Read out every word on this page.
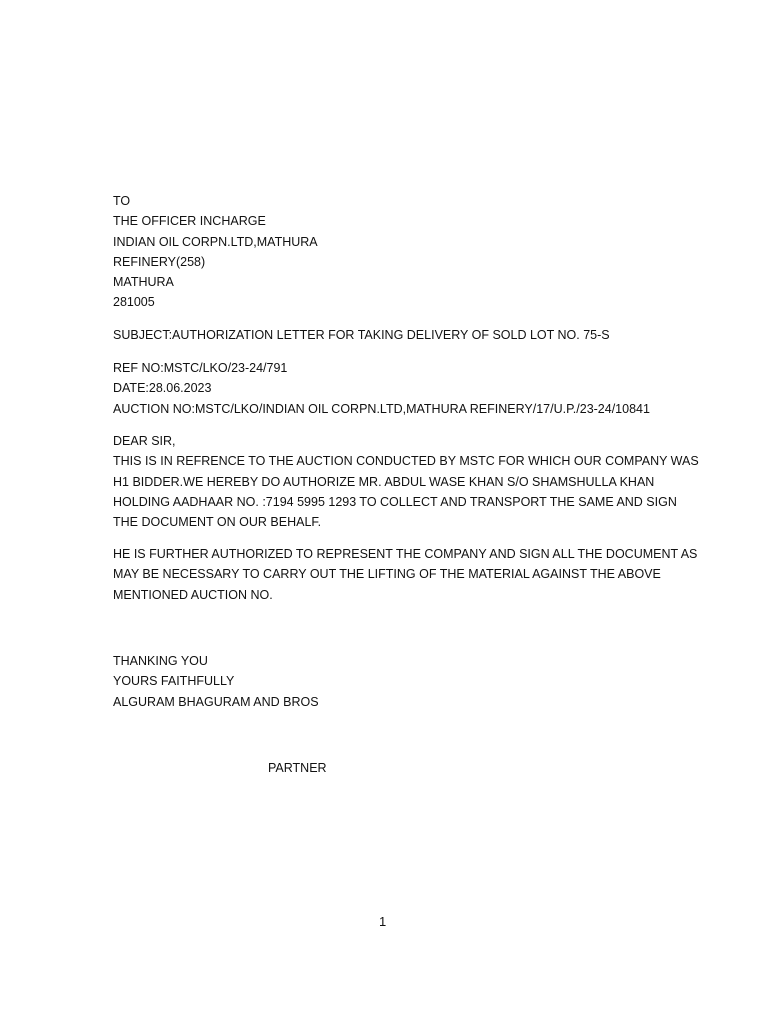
TO
THE OFFICER INCHARGE
INDIAN OIL CORPN.LTD,MATHURA
REFINERY(258)
MATHURA
281005
SUBJECT:AUTHORIZATION LETTER FOR TAKING DELIVERY OF SOLD LOT NO. 75-S
REF NO:MSTC/LKO/23-24/791
DATE:28.06.2023
AUCTION NO:MSTC/LKO/INDIAN OIL CORPN.LTD,MATHURA REFINERY/17/U.P./23-24/10841
DEAR SIR,
THIS IS IN REFRENCE TO THE AUCTION CONDUCTED BY MSTC FOR WHICH OUR COMPANY WAS
H1 BIDDER.WE HEREBY DO AUTHORIZE MR. ABDUL WASE KHAN S/O SHAMSHULLA KHAN
HOLDING AADHAAR NO. :7194 5995 1293 TO COLLECT AND TRANSPORT THE SAME AND SIGN
THE DOCUMENT ON OUR BEHALF.
HE IS FURTHER AUTHORIZED TO REPRESENT THE COMPANY AND SIGN ALL THE DOCUMENT AS
MAY BE NECESSARY TO CARRY OUT THE LIFTING OF THE MATERIAL AGAINST THE ABOVE
MENTIONED AUCTION NO.
THANKING YOU
YOURS FAITHFULLY
ALGURAM BHAGURAM AND BROS
PARTNER
1
